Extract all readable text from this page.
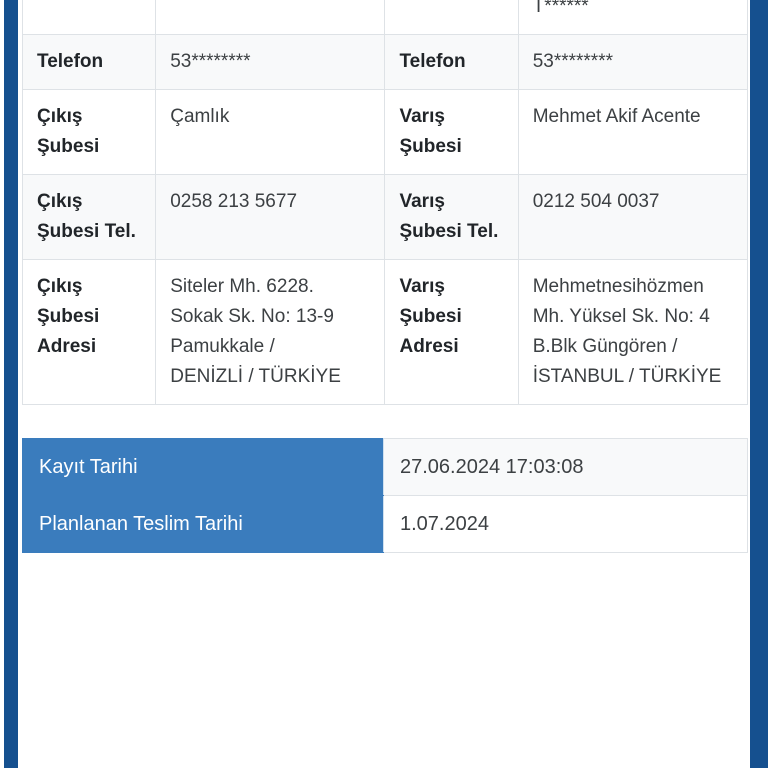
T******

Telefon	53********	Telefon	53********

Çıkış Şubesi	Çamlık	Varış Şubesi	Mehmet Akif Acente

Çıkış Şubesi Tel.	0258 213 5677	Varış Şubesi Tel.	0212 504 0037

Çıkış Şubesi Adresi	Siteler Mh. 6228.
Sokak Sk. No: 13-9
Pamukkale /
DENİZLİ / TÜRKİYE	Varış Şubesi Adresi	Mehmetnesihözmen
Mh. Yüksel Sk. No: 4
B.Blk Güngören /
İSTANBUL / TÜRKİYE
Kayıt Tarihi	27.06.2024 17:03:08
Planlanan Teslim Tarihi	1.07.2024
